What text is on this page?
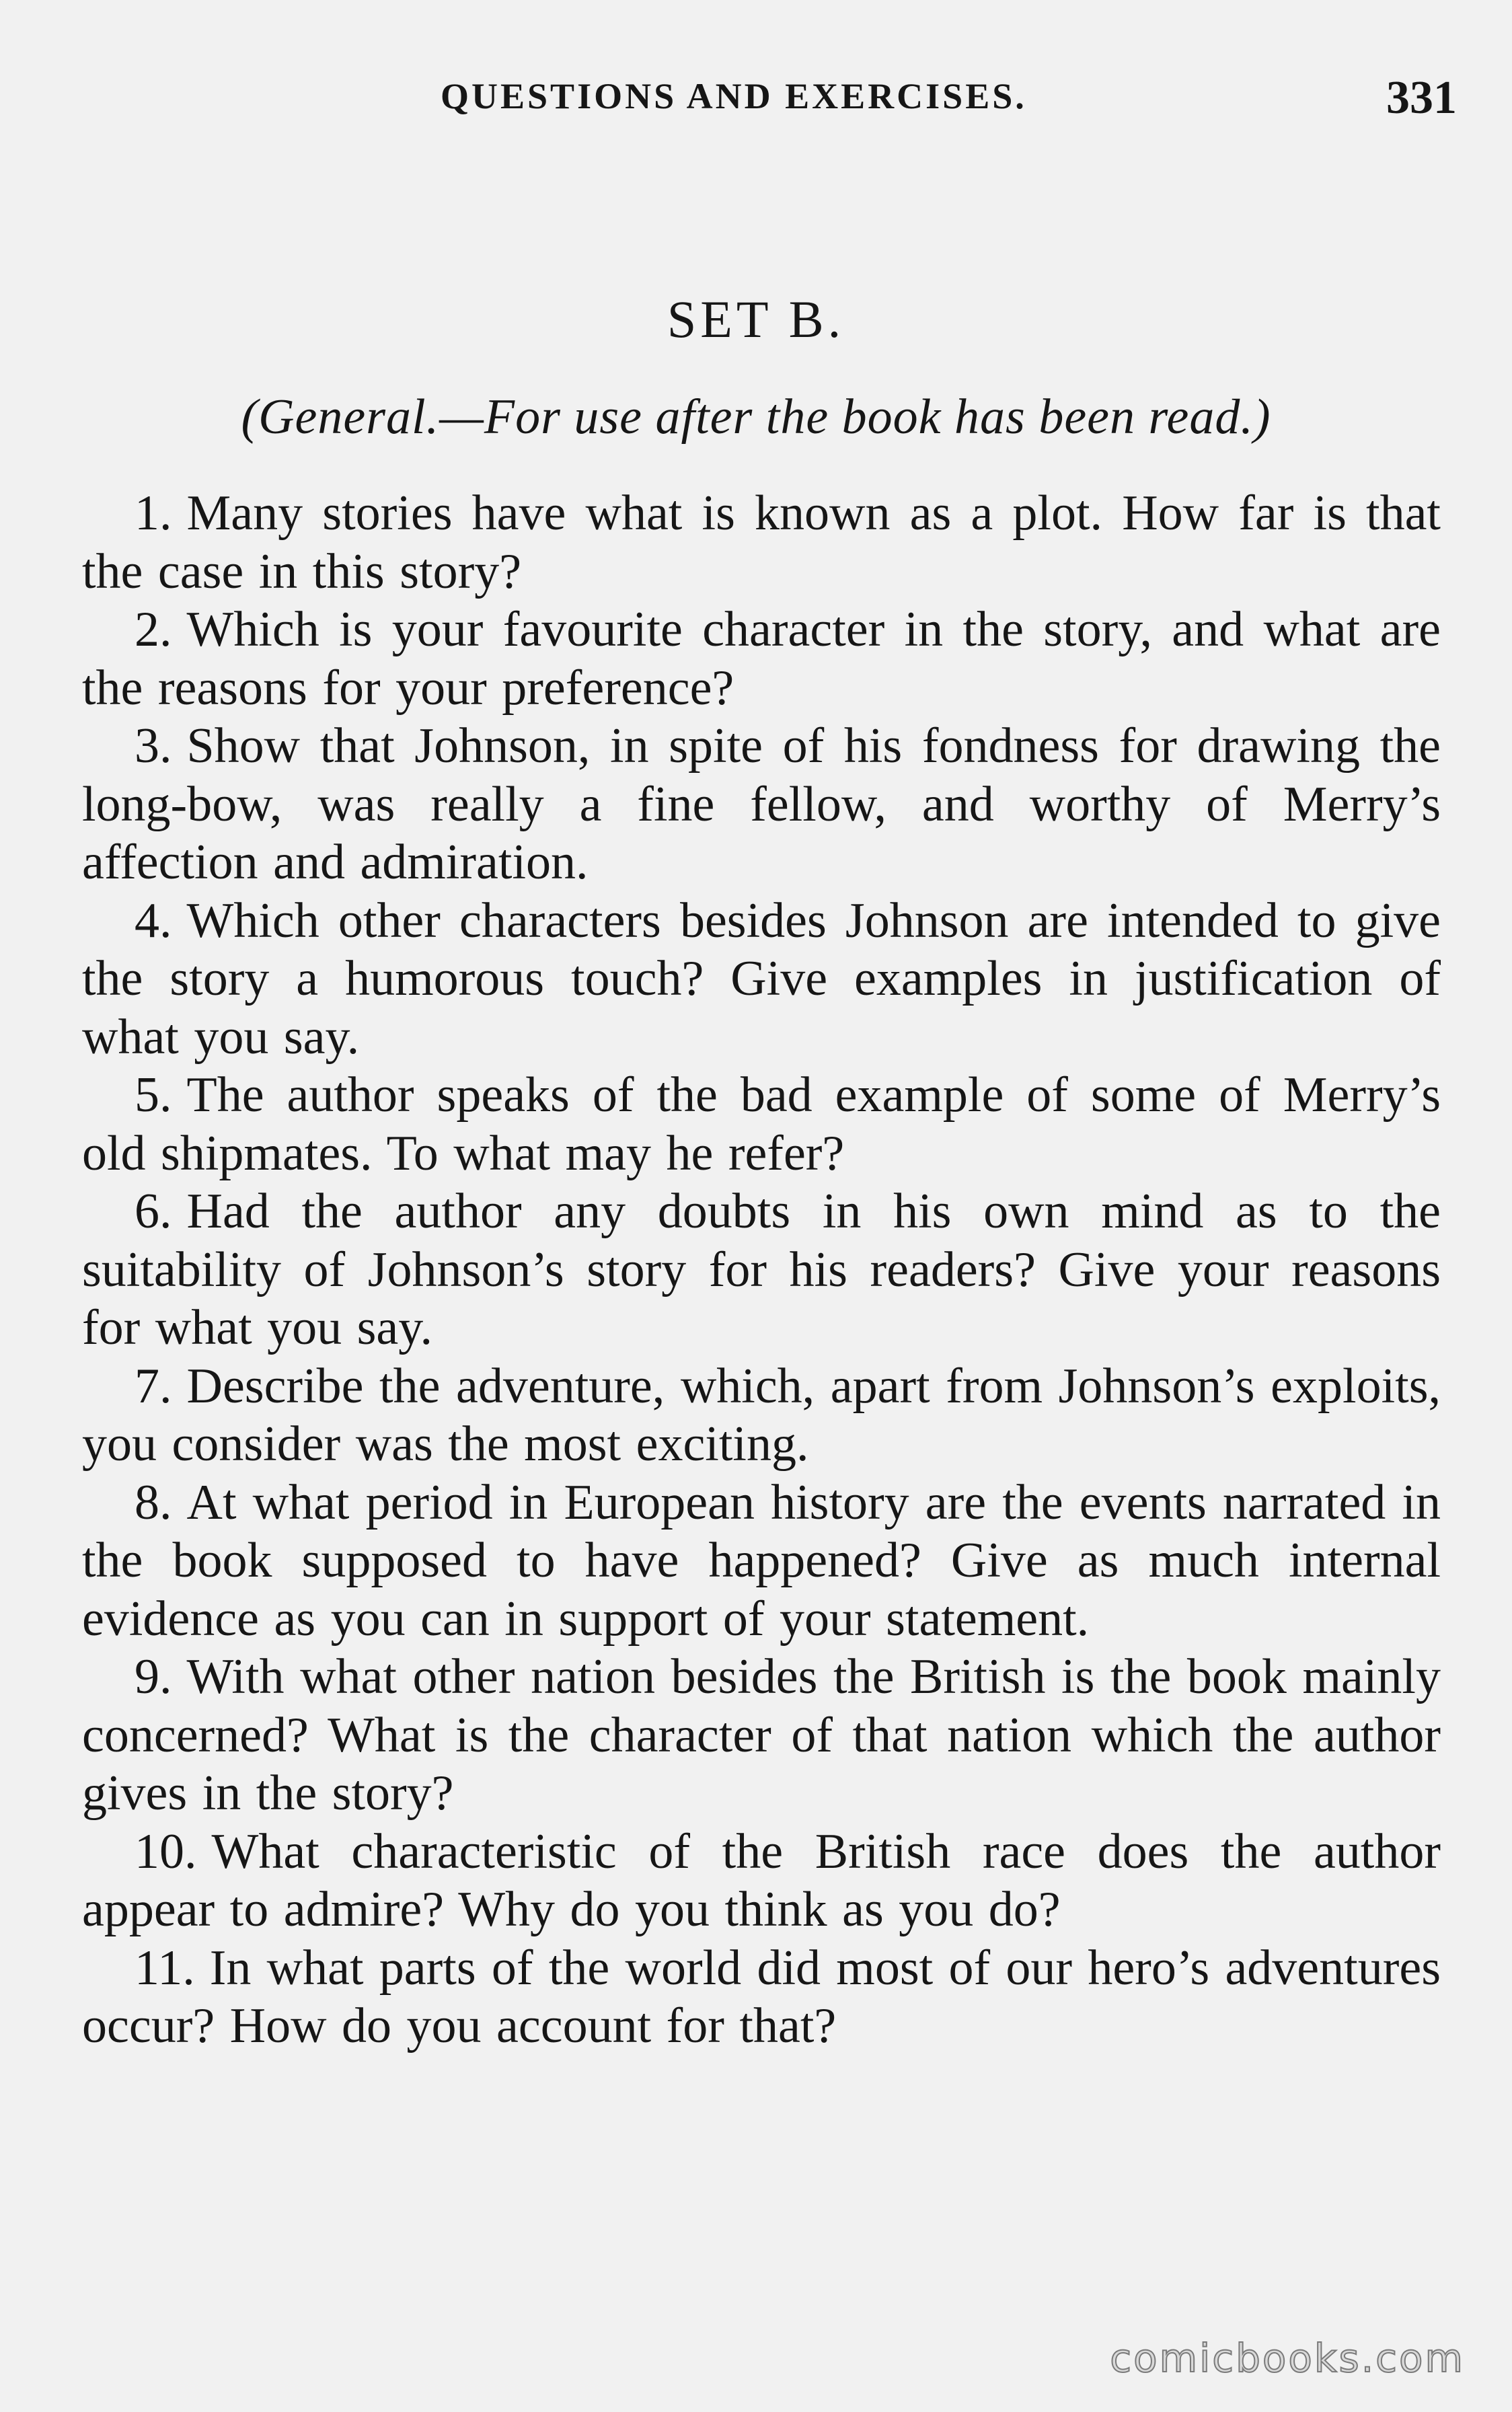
QUESTIONS AND EXERCISES.	331
SET B.
(General.—For use after the book has been read.)
1. Many stories have what is known as a plot. How far is that the case in this story?
2. Which is your favourite character in the story, and what are the reasons for your preference?
3. Show that Johnson, in spite of his fondness for drawing the long-bow, was really a fine fellow, and worthy of Merry’s affection and admiration.
4. Which other characters besides Johnson are intended to give the story a humorous touch? Give examples in justification of what you say.
5. The author speaks of the bad example of some of Merry’s old shipmates. To what may he refer?
6. Had the author any doubts in his own mind as to the suitability of Johnson’s story for his readers? Give your reasons for what you say.
7. Describe the adventure, which, apart from Johnson’s exploits, you consider was the most exciting.
8. At what period in European history are the events narrated in the book supposed to have happened? Give as much internal evidence as you can in support of your statement.
9. With what other nation besides the British is the book mainly concerned? What is the character of that nation which the author gives in the story?
10. What characteristic of the British race does the author appear to admire? Why do you think as you do?
11. In what parts of the world did most of our hero’s adventures occur? How do you account for that?
comicbooks.com
